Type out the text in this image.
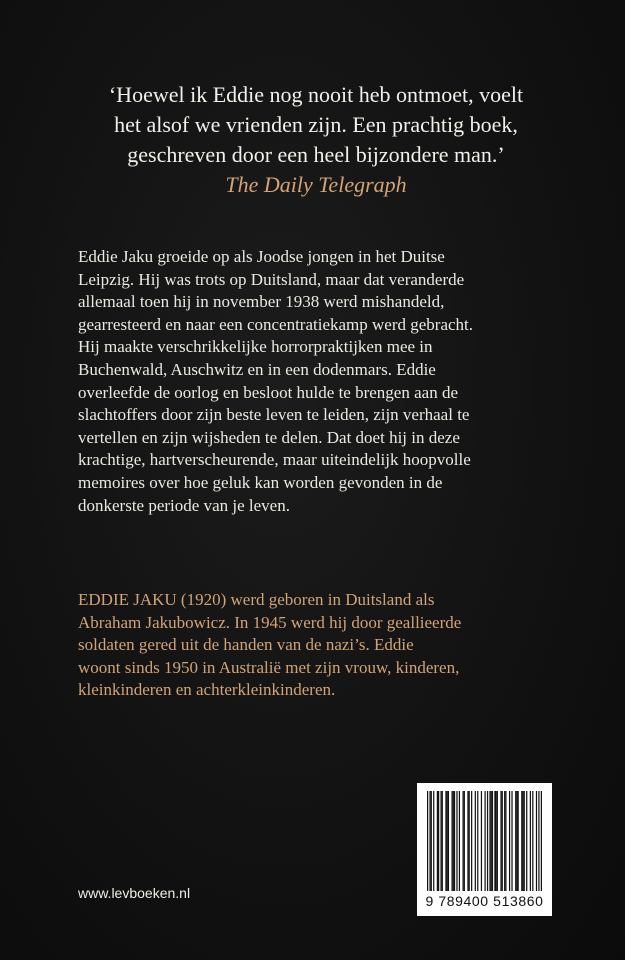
‘Hoewel ik Eddie nog nooit heb ontmoet, voelt
het alsof we vrienden zijn. Een prachtig boek,
geschreven door een heel bijzondere man.’
The Daily Telegraph
Eddie Jaku groeide op als Joodse jongen in het Duitse
Leipzig. Hij was trots op Duitsland, maar dat veranderde
allemaal toen hij in november 1938 werd mishandeld,
gearresteerd en naar een concentratiekamp werd gebracht.
Hij maakte verschrikkelijke horrorpraktijken mee in
Buchenwald, Auschwitz en in een dodenmars. Eddie
overleefde de oorlog en besloot hulde te brengen aan de
slachtoffers door zijn beste leven te leiden, zijn verhaal te
vertellen en zijn wijsheden te delen. Dat doet hij in deze
krachtige, hartverscheurende, maar uiteindelijk hoopvolle
memoires over hoe geluk kan worden gevonden in de
donkerste periode van je leven.
EDDIE JAKU (1920) werd geboren in Duitsland als
Abraham Jakubowicz. In 1945 werd hij door geallieerde
soldaten gered uit de handen van de nazi’s. Eddie
woont sinds 1950 in Australië met zijn vrouw, kinderen,
kleinkinderen en achterkleinkinderen.
9 789400 513860
www.levboeken.nl
